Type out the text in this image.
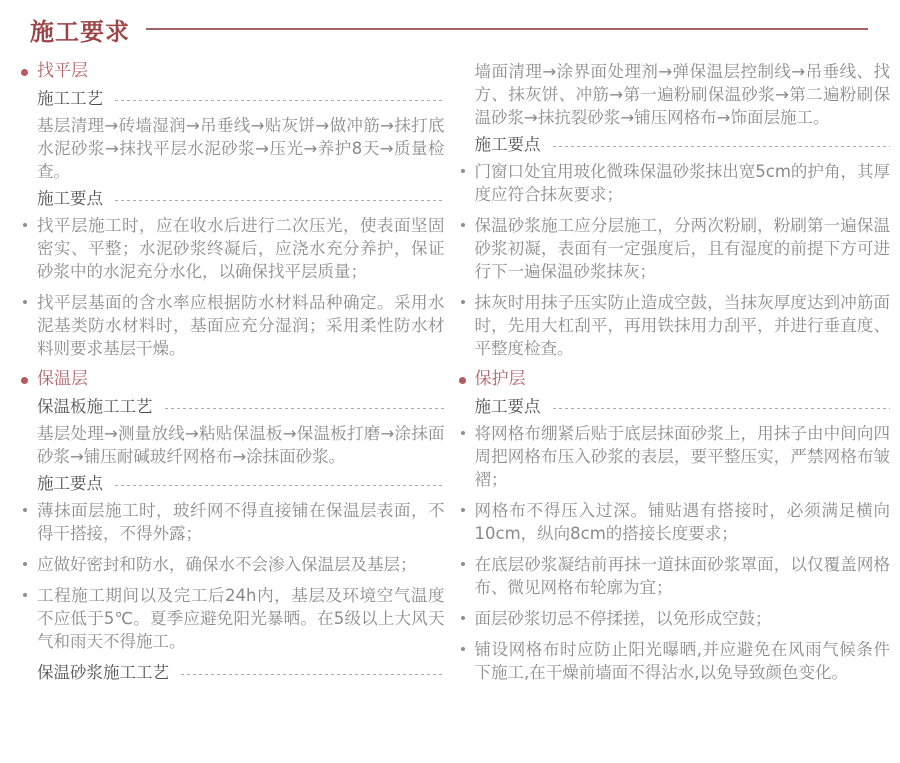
施工要求
找平层
施工工艺

基层清理→砖墙湿润→吊垂线→贴灰饼→做冲筋→抹打底水泥砂浆→抹找平层水泥砂浆→压光→养护8天→质量检查。

施工要点
找平层施工时，应在收水后进行二次压光，使表面坚固密实、平整；水泥砂浆终凝后，应浇水充分养护，保证砂浆中的水泥充分水化，以确保找平层质量；
找平层基面的含水率应根据防水材料品种确定。采用水泥基类防水材料时，基面应充分湿润；采用柔性防水材料则要求基层干燥。
保温层
保温板施工工艺

基层处理→测量放线→粘贴保温板→保温板打磨→涂抹面砂浆→铺压耐碱玻纤网格布→涂抹面砂浆。

施工要点
薄抹面层施工时，玻纤网不得直接铺在保温层表面，不得干搭接，不得外露；
应做好密封和防水，确保水不会渗入保温层及基层；
工程施工期间以及完工后24h内，基层及环境空气温度不应低于5℃。夏季应避免阳光暴晒。在5级以上大风天气和雨天不得施工。
保温砂浆施工工艺

墙面清理→涂界面处理剂→弹保温层控制线→吊垂线、找方、抹灰饼、冲筋→第一遍粉刷保温砂浆→第二遍粉刷保温砂浆→抹抗裂砂浆→铺压网格布→饰面层施工。

施工要点
门窗口处宜用玻化微珠保温砂浆抹出宽5cm的护角，其厚度应符合抹灰要求；
保温砂浆施工应分层施工，分两次粉刷，粉刷第一遍保温砂浆初凝，表面有一定强度后，且有湿度的前提下方可进行下一遍保温砂浆抹灰；
抹灰时用抹子压实防止造成空鼓，当抹灰厚度达到冲筋面时，先用大杠刮平，再用铁抹用力刮平，并进行垂直度、平整度检查。
保护层
施工要点
将网格布绷紧后贴于底层抹面砂浆上，用抹子由中间向四周把网格布压入砂浆的表层，要平整压实，严禁网格布皱褶；
网格布不得压入过深。铺贴遇有搭接时，必须满足横向10cm，纵向8cm的搭接长度要求；
在底层砂浆凝结前再抹一道抹面砂浆罩面，以仅覆盖网格布、微见网格布轮廓为宜；
面层砂浆切忌不停揉搓，以免形成空鼓；
铺设网格布时应防止阳光曝晒,并应避免在风雨气候条件下施工,在干燥前墙面不得沾水,以免导致颜色变化。
